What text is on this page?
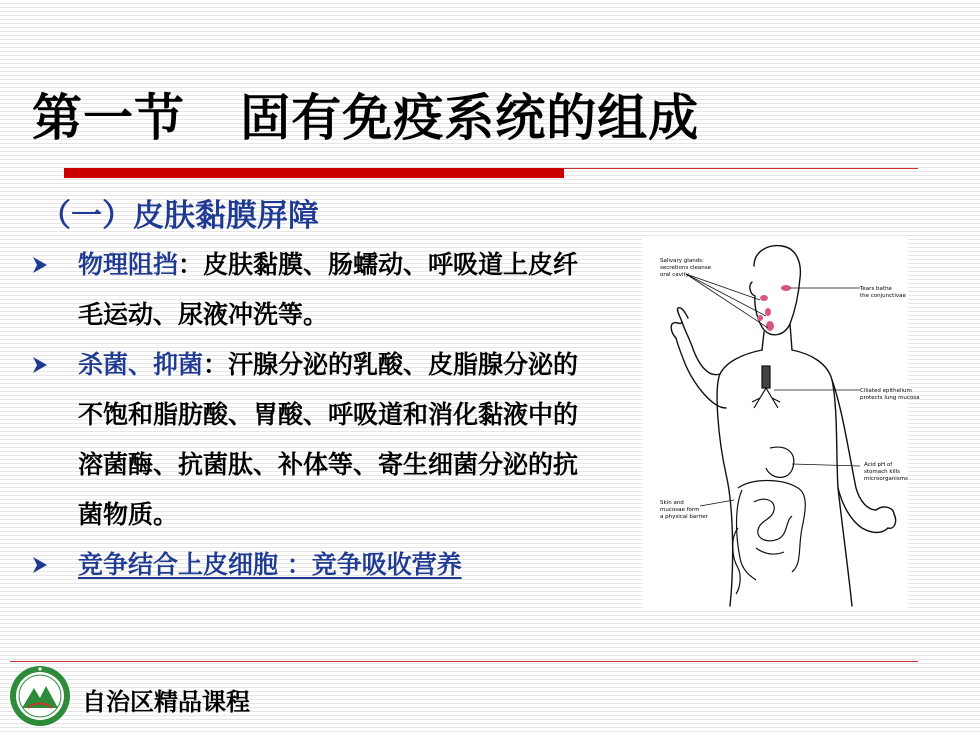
第一节   固有免疫系统的组成
（一）皮肤黏膜屏障
物理阻挡：皮肤黏膜、肠蠕动、呼吸道上皮纤毛运动、尿液冲洗等。
杀菌、抑菌：汗腺分泌的乳酸、皮脂腺分泌的不饱和脂肪酸、胃酸、呼吸道和消化黏液中的溶菌酶、抗菌肽、补体等、寄生细菌分泌的抗菌物质。
竞争结合上皮细胞 ：竞争吸收营养
Salivary glands:
secretions cleanse
oral cavity
Tears bathe
the conjunctivae
Ciliated epithelium
protects lung mucosa
Acid pH of
stomach kills
microorganisms
Skin and
mucosae form
a physical barrier
自治区精品课程
